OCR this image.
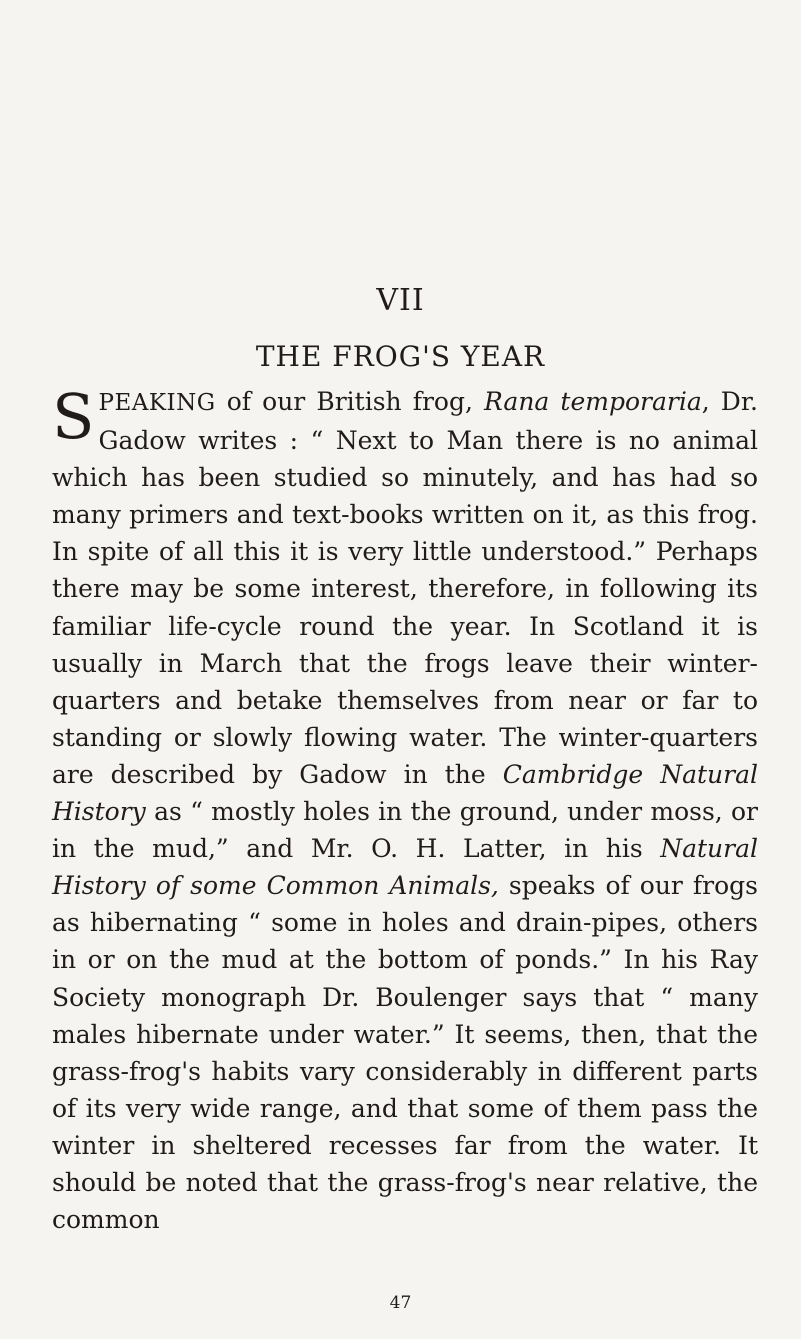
VII
THE FROG'S YEAR
SPEAKING of our British frog, Rana temporaria, Dr. Gadow writes : “ Next to Man there is no animal which has been studied so minutely, and has had so many primers and text-books written on it, as this frog. In spite of all this it is very little understood.” Perhaps there may be some interest, therefore, in following its familiar life-cycle round the year. In Scotland it is usually in March that the frogs leave their winter-quarters and betake themselves from near or far to standing or slowly flowing water. The winter-quarters are described by Gadow in the Cambridge Natural History as “ mostly holes in the ground, under moss, or in the mud,” and Mr. O. H. Latter, in his Natural History of some Common Animals, speaks of our frogs as hibernating “ some in holes and drain-pipes, others in or on the mud at the bottom of ponds.” In his Ray Society monograph Dr. Boulenger says that “ many males hibernate under water.” It seems, then, that the grass-frog's habits vary considerably in different parts of its very wide range, and that some of them pass the winter in sheltered recesses far from the water. It should be noted that the grass-frog's near relative, the common
47
